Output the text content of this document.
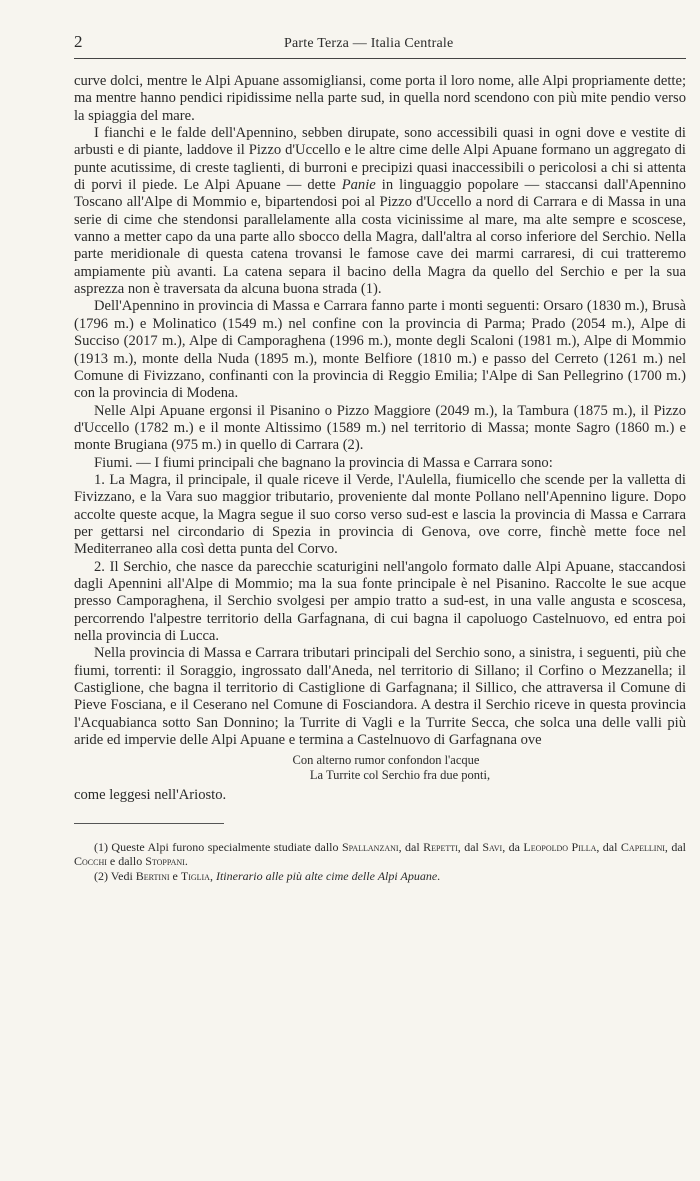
2	Parte Terza — Italia Centrale

curve dolci, mentre le Alpi Apuane assomigliansi, come porta il loro nome, alle Alpi propriamente dette; ma mentre hanno pendici ripidissime nella parte sud, in quella nord scendono con più mite pendio verso la spiaggia del mare.

I fianchi e le falde dell'Apennino, sebben dirupate, sono accessibili quasi in ogni dove e vestite di arbusti e di piante, laddove il Pizzo d'Uccello e le altre cime delle Alpi Apuane formano un aggregato di punte acutissime, di creste taglienti, di burroni e precipizi quasi inaccessibili o pericolosi a chi si attenta di porvi il piede. Le Alpi Apuane — dette Panie in linguaggio popolare — staccansi dall'Apennino Toscano all'Alpe di Mommio e, bipartendosi poi al Pizzo d'Uccello a nord di Carrara e di Massa in una serie di cime che stendonsi parallelamente alla costa vicinissime al mare, ma alte sempre e scoscese, vanno a metter capo da una parte allo sbocco della Magra, dall'altra al corso inferiore del Serchio. Nella parte meridionale di questa catena trovansi le famose cave dei marmi carraresi, di cui tratteremo ampiamente più avanti. La catena separa il bacino della Magra da quello del Serchio e per la sua asprezza non è traversata da alcuna buona strada (1).

Dell'Apennino in provincia di Massa e Carrara fanno parte i monti seguenti: Orsaro (1830 m.), Brusà (1796 m.) e Molinatico (1549 m.) nel confine con la provincia di Parma; Prado (2054 m.), Alpe di Succiso (2017 m.), Alpe di Camporaghena (1996 m.), monte degli Scaloni (1981 m.), Alpe di Mommio (1913 m.), monte della Nuda (1895 m.), monte Belfiore (1810 m.) e passo del Cerreto (1261 m.) nel Comune di Fivizzano, confinanti con la provincia di Reggio Emilia; l'Alpe di San Pellegrino (1700 m.) con la provincia di Modena.

Nelle Alpi Apuane ergonsi il Pisanino o Pizzo Maggiore (2049 m.), la Tambura (1875 m.), il Pizzo d'Uccello (1782 m.) e il monte Altissimo (1589 m.) nel territorio di Massa; monte Sagro (1860 m.) e monte Brugiana (975 m.) in quello di Carrara (2).

Fiumi. — I fiumi principali che bagnano la provincia di Massa e Carrara sono:

1. La Magra, il principale, il quale riceve il Verde, l'Aulella, fiumicello che scende per la valletta di Fivizzano, e la Vara suo maggior tributario, proveniente dal monte Pollano nell'Apennino ligure. Dopo accolte queste acque, la Magra segue il suo corso verso sud-est e lascia la provincia di Massa e Carrara per gettarsi nel circondario di Spezia in provincia di Genova, ove corre, finchè mette foce nel Mediterraneo alla così detta punta del Corvo.

2. Il Serchio, che nasce da parecchie scaturigini nell'angolo formato dalle Alpi Apuane, staccandosi dagli Apennini all'Alpe di Mommio; ma la sua fonte principale è nel Pisanino. Raccolte le sue acque presso Camporaghena, il Serchio svolgesi per ampio tratto a sud-est, in una valle angusta e scoscesa, percorrendo l'alpestre territorio della Garfagnana, di cui bagna il capoluogo Castelnuovo, ed entra poi nella provincia di Lucca.

Nella provincia di Massa e Carrara tributari principali del Serchio sono, a sinistra, i seguenti, più che fiumi, torrenti: il Soraggio, ingrossato dall'Aneda, nel territorio di Sillano; il Corfino o Mezzanella; il Castiglione, che bagna il territorio di Castiglione di Garfagnana; il Sillico, che attraversa il Comune di Pieve Fosciana, e il Ceserano nel Comune di Fosciandora. A destra il Serchio riceve in questa provincia l'Acquabianca sotto San Donnino; la Turrite di Vagli e la Turrite Secca, che solca una delle valli più aride ed impervie delle Alpi Apuane e termina a Castelnuovo di Garfagnana ove

Con alterno rumor confondon l'acque
La Turrite col Serchio fra due ponti,

come leggesi nell'Ariosto.

(1) Queste Alpi furono specialmente studiate dallo Spallanzani, dal Repetti, dal Savi, da Leopoldo Pilla, dal Capellini, dal Cocchi e dallo Stoppani.

(2) Vedi Bertini e Tiglia, Itinerario alle più alte cime delle Alpi Apuane.
